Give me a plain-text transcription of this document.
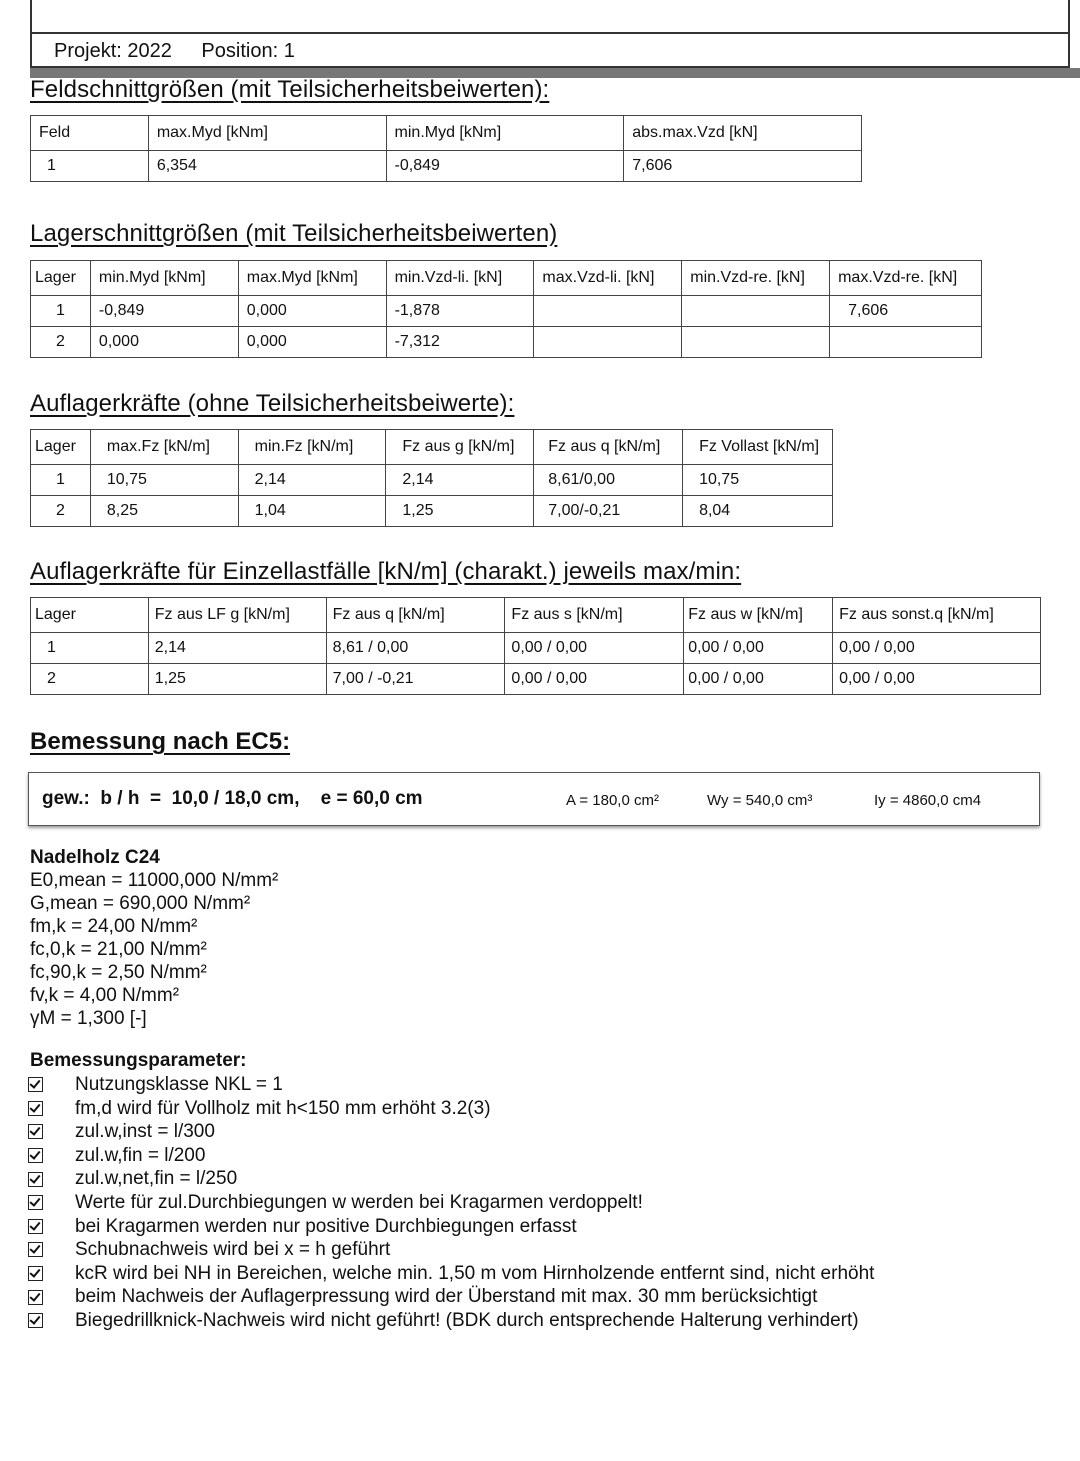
Projekt: 2022 Position: 1
Feldschnittgrößen (mit Teilsicherheitsbeiwerten):
Feld	max.Myd [kNm]	min.Myd [kNm]	abs.max.Vzd [kN]
1	6,354	-0,849	7,606
Lagerschnittgrößen (mit Teilsicherheitsbeiwerten)
Lager	min.Myd [kNm]	max.Myd [kNm]	min.Vzd-li. [kN]	max.Vzd-li. [kN]	min.Vzd-re. [kN]	max.Vzd-re. [kN]
1	-0,849	0,000	-1,878			7,606
2	0,000	0,000	-7,312			
Auflagerkräfte (ohne Teilsicherheitsbeiwerte):
Lager	max.Fz [kN/m]	min.Fz [kN/m]	Fz aus g [kN/m]	Fz aus q [kN/m]	Fz Vollast [kN/m]
1	10,75	2,14	2,14	8,61/0,00	10,75
2	8,25	1,04	1,25	7,00/-0,21	8,04
Auflagerkräfte für Einzellastfälle [kN/m] (charakt.) jeweils max/min:
Lager	Fz aus LF g [kN/m]	Fz aus q [kN/m]	Fz aus s [kN/m]	Fz aus w [kN/m]	Fz aus sonst.q [kN/m]
1	2,14	8,61 / 0,00	0,00 / 0,00	0,00 / 0,00	0,00 / 0,00
2	1,25	7,00 / -0,21	0,00 / 0,00	0,00 / 0,00	0,00 / 0,00
Bemessung nach EC5:
gew.:  b / h  =  10,0 / 18,0 cm,    e = 60,0 cm	A = 180,0 cm²	Wy = 540,0 cm³	Iy = 4860,0 cm4
Nadelholz C24
E0,mean = 11000,000 N/mm²
G,mean = 690,000 N/mm²
fm,k = 24,00 N/mm²
fc,0,k = 21,00 N/mm²
fc,90,k = 2,50 N/mm²
fv,k = 4,00 N/mm²
γM = 1,300 [-]
Bemessungsparameter:
Nutzungsklasse NKL = 1
fm,d wird für Vollholz mit h<150 mm erhöht 3.2(3)
zul.w,inst = l/300
zul.w,fin = l/200
zul.w,net,fin = l/250
Werte für zul.Durchbiegungen w werden bei Kragarmen verdoppelt!
bei Kragarmen werden nur positive Durchbiegungen erfasst
Schubnachweis wird bei x = h geführt
kcR wird bei NH in Bereichen, welche min. 1,50 m vom Hirnholzende entfernt sind, nicht erhöht
beim Nachweis der Auflagerpressung wird der Überstand mit max. 30 mm berücksichtigt
Biegedrillknick-Nachweis wird nicht geführt! (BDK durch entsprechende Halterung verhindert)
